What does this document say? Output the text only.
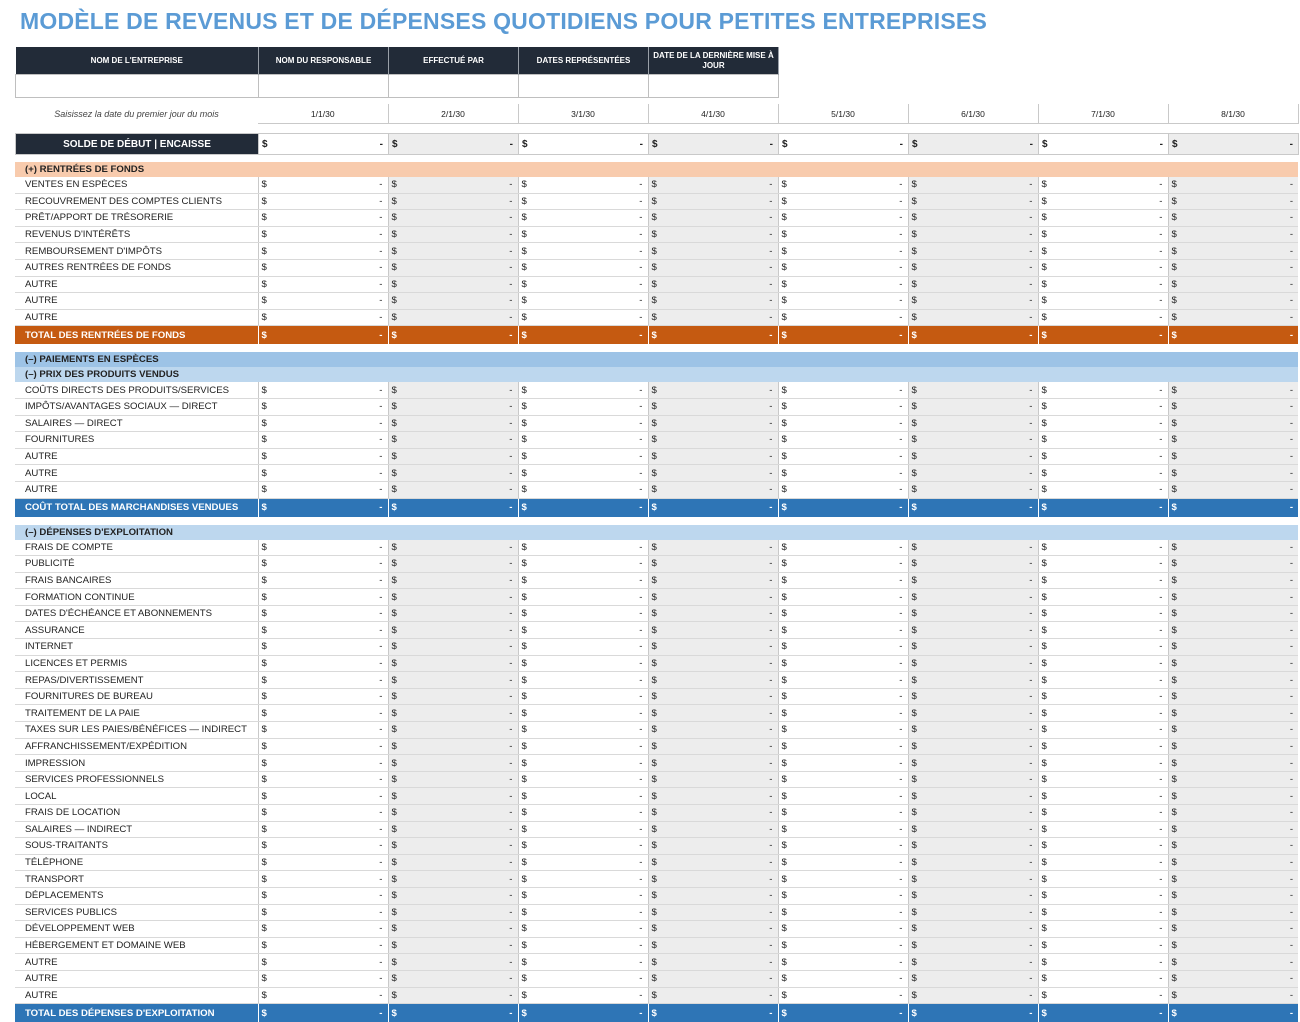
MODÈLE DE REVENUS ET DE DÉPENSES QUOTIDIENS POUR PETITES ENTREPRISES
NOM DE L'ENTREPRISE	NOM DU RESPONSABLE	EFFECTUÉ PAR	DATES REPRÉSENTÉES	DATE DE LA DERNIÈRE MISE À JOUR

Saisissez la date du premier jour du mois	1/1/30	2/1/30	3/1/30	4/1/30	5/1/30	6/1/30	7/1/30	8/1/30
SOLDE DE DÉBUT | ENCAISSE	$	-	$	-	$	-	$	-	$	-	$	-	$	-	$	-
(+) RENTRÉES DE FONDS								
VENTES EN ESPÈCES	$ -	$ -	$ -	$ -	$ -	$ -	$ -	$ -

RECOUVREMENT DES COMPTES CLIENTS	$ -	$ -	$ -	$ -	$ -	$ -	$ -	$ -

PRÊT/APPORT DE TRÉSORERIE	$ -	$ -	$ -	$ -	$ -	$ -	$ -	$ -

REVENUS D'INTÉRÊTS	$ -	$ -	$ -	$ -	$ -	$ -	$ -	$ -

REMBOURSEMENT D'IMPÔTS	$ -	$ -	$ -	$ -	$ -	$ -	$ -	$ -

AUTRES RENTRÉES DE FONDS	$ -	$ -	$ -	$ -	$ -	$ -	$ -	$ -

AUTRE	$ -	$ -	$ -	$ -	$ -	$ -	$ -	$ -

AUTRE	$ -	$ -	$ -	$ -	$ -	$ -	$ -	$ -

AUTRE	$ -	$ -	$ -	$ -	$ -	$ -	$ -	$ -

TOTAL DES RENTRÉES DE FONDS	$ -	$ -	$ -	$ -	$ -	$ -	$ -	$ -

(–) PAIEMENTS EN ESPÈCES								
(–) PRIX DES PRODUITS VENDUS								
COÛTS DIRECTS DES PRODUITS/SERVICES	$ -	$ -	$ -	$ -	$ -	$ -	$ -	$ -

IMPÔTS/AVANTAGES SOCIAUX — DIRECT	$ -	$ -	$ -	$ -	$ -	$ -	$ -	$ -

SALAIRES — DIRECT	$ -	$ -	$ -	$ -	$ -	$ -	$ -	$ -

FOURNITURES	$ -	$ -	$ -	$ -	$ -	$ -	$ -	$ -

AUTRE	$ -	$ -	$ -	$ -	$ -	$ -	$ -	$ -

AUTRE	$ -	$ -	$ -	$ -	$ -	$ -	$ -	$ -

AUTRE	$ -	$ -	$ -	$ -	$ -	$ -	$ -	$ -

COÛT TOTAL DES MARCHANDISES VENDUES	$ -	$ -	$ -	$ -	$ -	$ -	$ -	$ -

(–) DÉPENSES D'EXPLOITATION								
FRAIS DE COMPTE	$ -	$ -	$ -	$ -	$ -	$ -	$ -	$ -

PUBLICITÉ	$ -	$ -	$ -	$ -	$ -	$ -	$ -	$ -

FRAIS BANCAIRES	$ -	$ -	$ -	$ -	$ -	$ -	$ -	$ -

FORMATION CONTINUE	$ -	$ -	$ -	$ -	$ -	$ -	$ -	$ -

DATES D'ÉCHÉANCE ET ABONNEMENTS	$ -	$ -	$ -	$ -	$ -	$ -	$ -	$ -

ASSURANCE	$ -	$ -	$ -	$ -	$ -	$ -	$ -	$ -

INTERNET	$ -	$ -	$ -	$ -	$ -	$ -	$ -	$ -

LICENCES ET PERMIS	$ -	$ -	$ -	$ -	$ -	$ -	$ -	$ -

REPAS/DIVERTISSEMENT	$ -	$ -	$ -	$ -	$ -	$ -	$ -	$ -

FOURNITURES DE BUREAU	$ -	$ -	$ -	$ -	$ -	$ -	$ -	$ -

TRAITEMENT DE LA PAIE	$ -	$ -	$ -	$ -	$ -	$ -	$ -	$ -

TAXES SUR LES PAIES/BÉNÉFICES — INDIRECT	$ -	$ -	$ -	$ -	$ -	$ -	$ -	$ -

AFFRANCHISSEMENT/EXPÉDITION	$ -	$ -	$ -	$ -	$ -	$ -	$ -	$ -

IMPRESSION	$ -	$ -	$ -	$ -	$ -	$ -	$ -	$ -

SERVICES PROFESSIONNELS	$ -	$ -	$ -	$ -	$ -	$ -	$ -	$ -

LOCAL	$ -	$ -	$ -	$ -	$ -	$ -	$ -	$ -

FRAIS DE LOCATION	$ -	$ -	$ -	$ -	$ -	$ -	$ -	$ -

SALAIRES — INDIRECT	$ -	$ -	$ -	$ -	$ -	$ -	$ -	$ -

SOUS-TRAITANTS	$ -	$ -	$ -	$ -	$ -	$ -	$ -	$ -

TÉLÉPHONE	$ -	$ -	$ -	$ -	$ -	$ -	$ -	$ -

TRANSPORT	$ -	$ -	$ -	$ -	$ -	$ -	$ -	$ -

DÉPLACEMENTS	$ -	$ -	$ -	$ -	$ -	$ -	$ -	$ -

SERVICES PUBLICS	$ -	$ -	$ -	$ -	$ -	$ -	$ -	$ -

DÉVELOPPEMENT WEB	$ -	$ -	$ -	$ -	$ -	$ -	$ -	$ -

HÉBERGEMENT ET DOMAINE WEB	$ -	$ -	$ -	$ -	$ -	$ -	$ -	$ -

AUTRE	$ -	$ -	$ -	$ -	$ -	$ -	$ -	$ -

AUTRE	$ -	$ -	$ -	$ -	$ -	$ -	$ -	$ -

AUTRE	$ -	$ -	$ -	$ -	$ -	$ -	$ -	$ -

TOTAL DES DÉPENSES D'EXPLOITATION	$ -	$ -	$ -	$ -	$ -	$ -	$ -	$ -
